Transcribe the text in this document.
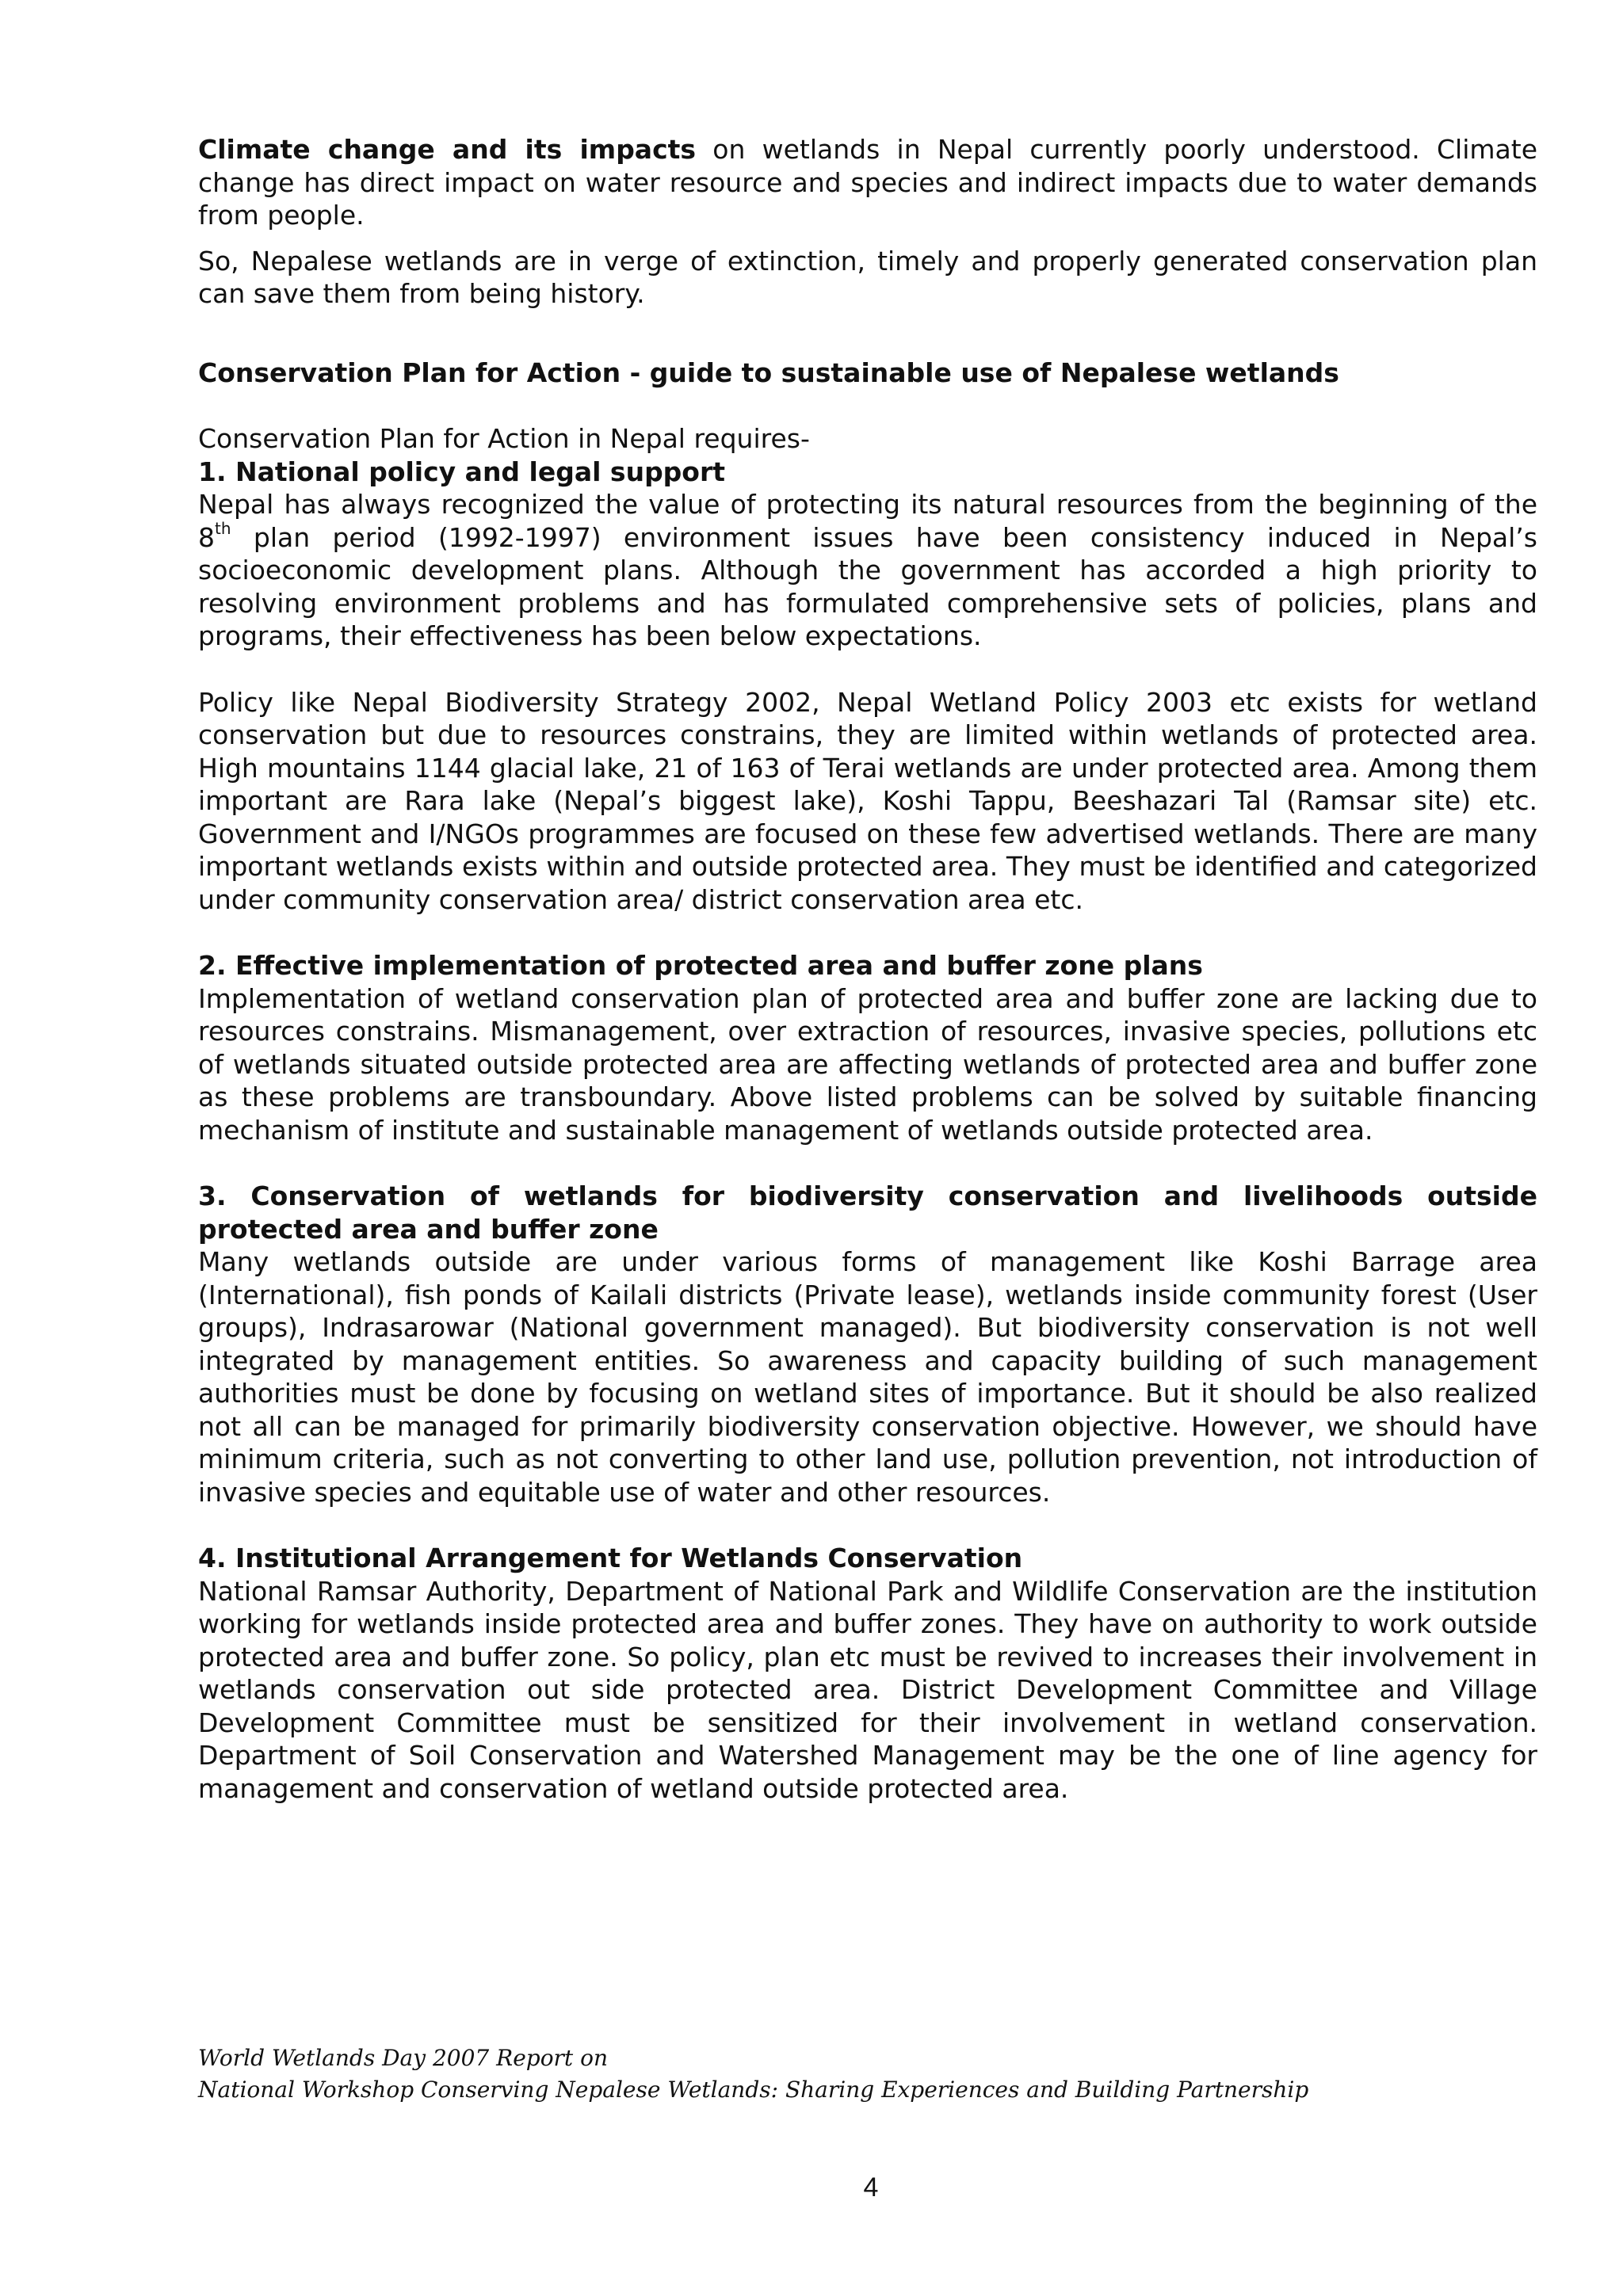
Climate change and its impacts on wetlands in Nepal currently poorly understood. Climate change has direct impact on water resource and species and indirect impacts due to water demands from people.

So, Nepalese wetlands are in verge of extinction, timely and properly generated conservation plan can save them from being history.

Conservation Plan for Action - guide to sustainable use of Nepalese wetlands

Conservation Plan for Action in Nepal requires-

1. National policy and legal support

Nepal has always recognized the value of protecting its natural resources from the beginning of the 8th plan period (1992-1997) environment issues have been consistency induced in Nepal’s socioeconomic development plans. Although the government has accorded a high priority to resolving environment problems and has formulated comprehensive sets of policies, plans and programs, their effectiveness has been below expectations.

Policy like Nepal Biodiversity Strategy 2002, Nepal Wetland Policy 2003 etc exists for wetland conservation but due to resources constrains, they are limited within wetlands of protected area. High mountains 1144 glacial lake, 21 of 163 of Terai wetlands are under protected area. Among them important are Rara lake (Nepal’s biggest lake), Koshi Tappu, Beeshazari Tal (Ramsar site) etc. Government and I/NGOs programmes are focused on these few advertised wetlands. There are many important wetlands exists within and outside protected area. They must be identified and categorized under community conservation area/ district conservation area etc.

2. Effective implementation of protected area and buffer zone plans

Implementation of wetland conservation plan of protected area and buffer zone are lacking due to resources constrains. Mismanagement, over extraction of resources, invasive species, pollutions etc of wetlands situated outside protected area are affecting wetlands of protected area and buffer zone as these problems are transboundary. Above listed problems can be solved by suitable financing mechanism of institute and sustainable management of wetlands outside protected area.

3. Conservation of wetlands for biodiversity conservation and livelihoods outside protected area and buffer zone

Many wetlands outside are under various forms of management like Koshi Barrage area (International), fish ponds of Kailali districts (Private lease), wetlands inside community forest (User groups), Indrasarowar (National government managed). But biodiversity conservation is not well integrated by management entities. So awareness and capacity building of such management authorities must be done by focusing on wetland sites of importance. But it should be also realized not all can be managed for primarily biodiversity conservation objective. However, we should have minimum criteria, such as not converting to other land use, pollution prevention, not introduction of invasive species and equitable use of water and other resources.

4. Institutional Arrangement for Wetlands Conservation

National Ramsar Authority, Department of National Park and Wildlife Conservation are the institution working for wetlands inside protected area and buffer zones. They have on authority to work outside protected area and buffer zone. So policy, plan etc must be revived to increases their involvement in wetlands conservation out side protected area. District Development Committee and Village Development Committee must be sensitized for their involvement in wetland conservation. Department of Soil Conservation and Watershed Management may be the one of line agency for management and conservation of wetland outside protected area.

World Wetlands Day 2007 Report on
National Workshop Conserving Nepalese Wetlands: Sharing Experiences and Building Partnership
4
